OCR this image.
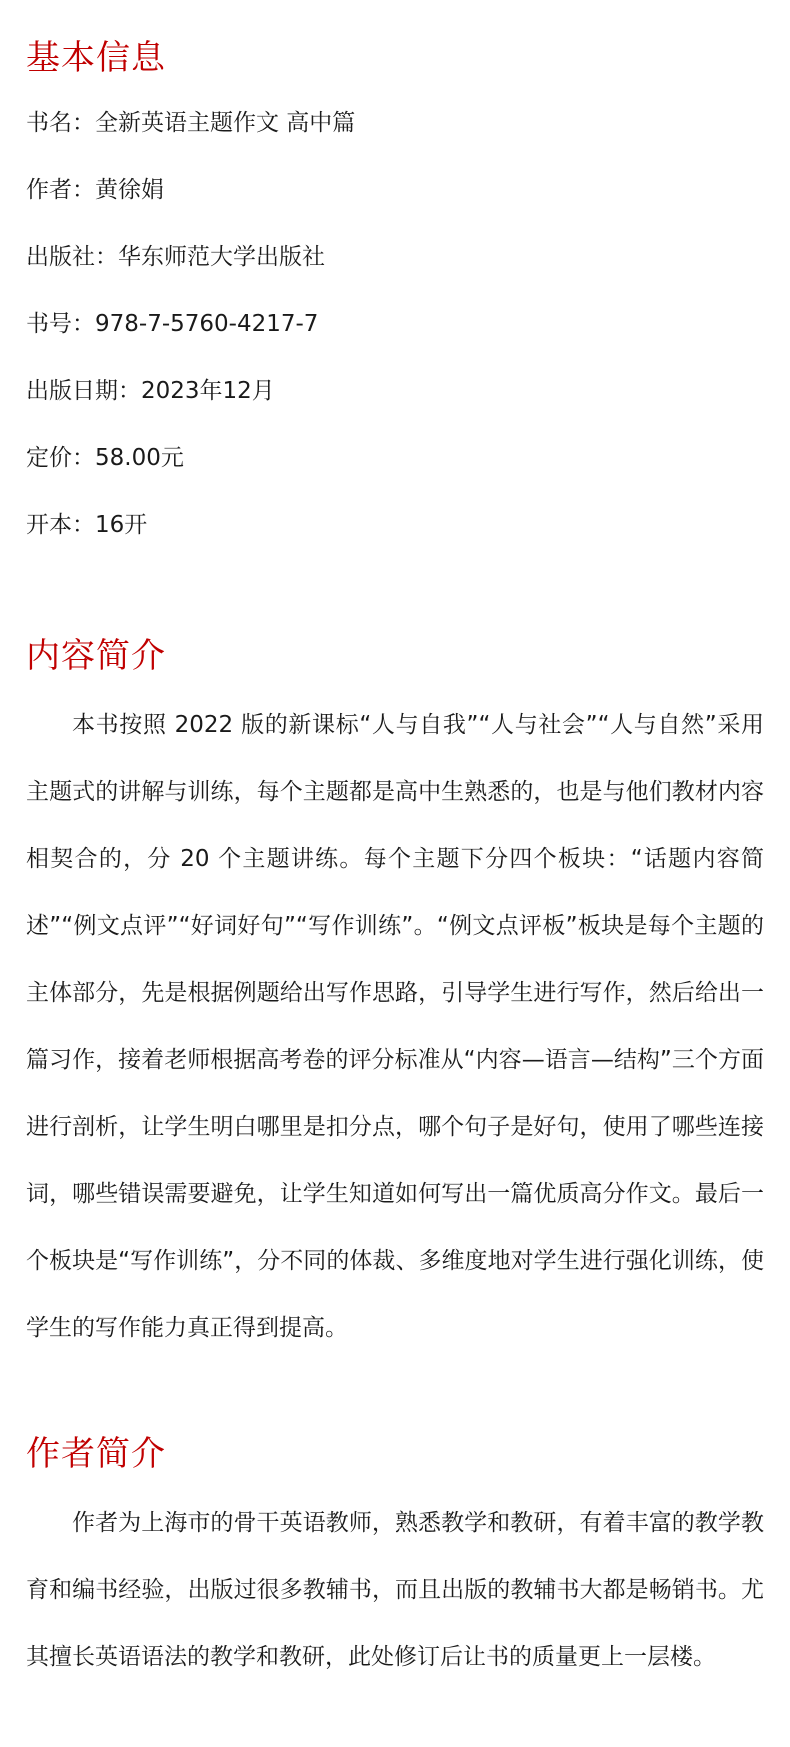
基本信息
书名：全新英语主题作文 高中篇
作者：黄徐娟
出版社：华东师范大学出版社
书号：978-7-5760-4217-7
出版日期：2023年12月
定价：58.00元
开本：16开
内容简介

本书按照 2022 版的新课标“人与自我”“人与社会”“人与自然”采用主题式的讲解与训练，每个主题都是高中生熟悉的，也是与他们教材内容相契合的，分 20 个主题讲练。每个主题下分四个板块：“话题内容简述”“例文点评”“好词好句”“写作训练”。“例文点评板”板块是每个主题的主体部分，先是根据例题给出写作思路，引导学生进行写作，然后给出一篇习作，接着老师根据高考卷的评分标准从“内容—语言—结构”三个方面进行剖析，让学生明白哪里是扣分点，哪个句子是好句，使用了哪些连接词，哪些错误需要避免，让学生知道如何写出一篇优质高分作文。最后一个板块是“写作训练”，分不同的体裁、多维度地对学生进行强化训练，使学生的写作能力真正得到提高。

作者简介

作者为上海市的骨干英语教师，熟悉教学和教研，有着丰富的教学教育和编书经验，出版过很多教辅书，而且出版的教辅书大都是畅销书。尤其擅长英语语法的教学和教研，此处修订后让书的质量更上一层楼。
